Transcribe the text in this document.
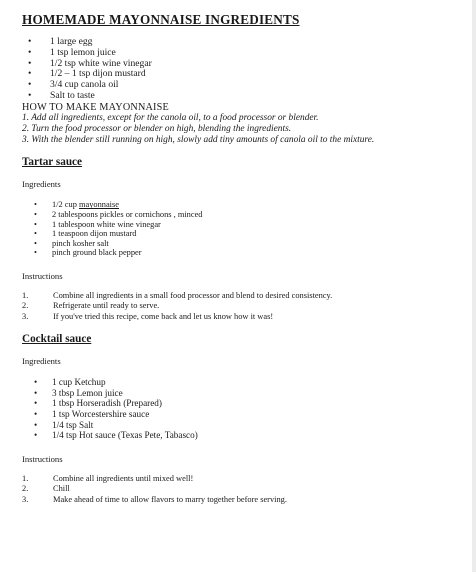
HOMEMADE MAYONNAISE INGREDIENTS
• 1 large egg
• 1 tsp lemon juice
• 1/2 tsp white wine vinegar
• 1/2 – 1 tsp dijon mustard
• 3/4 cup canola oil
• Salt to taste
HOW TO MAKE MAYONNAISE
1. Add all ingredients, except for the canola oil, to a food processor or blender.
2. Turn the food processor or blender on high, blending the ingredients.
3. With the blender still running on high, slowly add tiny amounts of canola oil to the mixture.
Tartar sauce
Ingredients
• 1/2 cup mayonnaise
• 2 tablespoons pickles or cornichons , minced
• 1 tablespoon white wine vinegar
• 1 teaspoon dijon mustard
• pinch kosher salt
• pinch ground black pepper
Instructions
1.	Combine all ingredients in a small food processor and blend to desired consistency.
2.	Refrigerate until ready to serve.
3.	If you've tried this recipe, come back and let us know how it was!
Cocktail sauce
Ingredients
• 1 cup Ketchup
• 3 tbsp Lemon juice
• 1 tbsp Horseradish (Prepared)
• 1 tsp Worcestershire sauce
• 1/4 tsp Salt
• 1/4 tsp Hot sauce (Texas Pete, Tabasco)
Instructions
1.	Combine all ingredients until mixed well!
2.	Chill
3.	Make ahead of time to allow flavors to marry together before serving.
